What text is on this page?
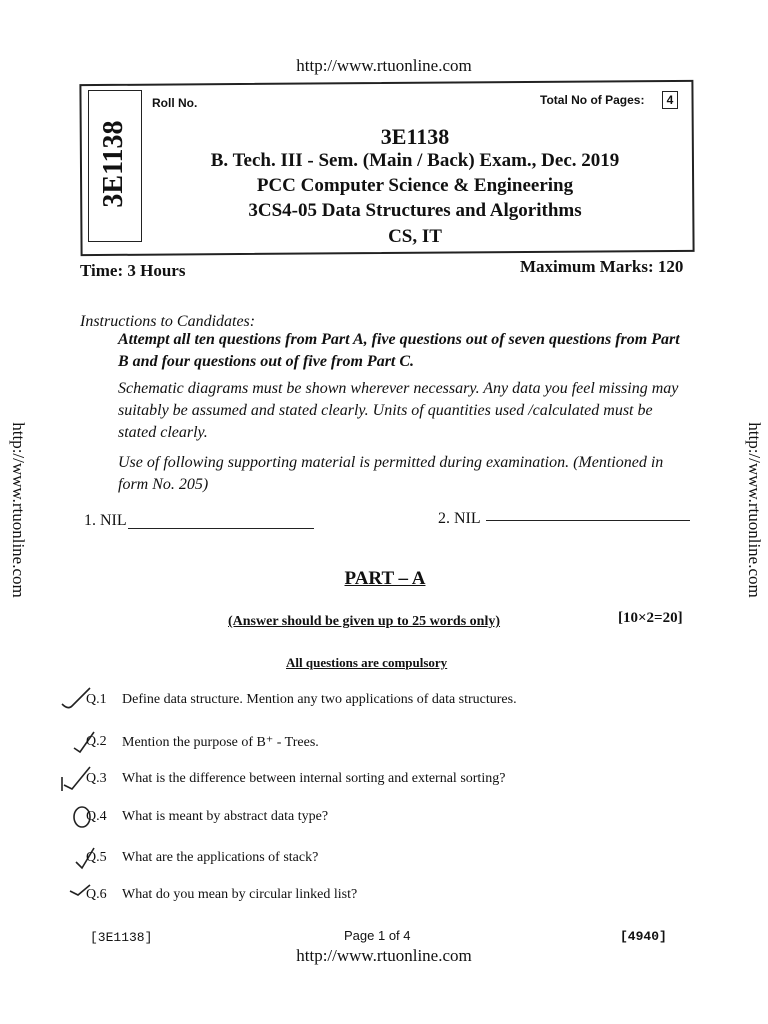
http://www.rtuonline.com
http://www.rtuonline.com	http://www.rtuonline.com
3E1138
Roll No.	Total No of Pages:	4
3E1138
B. Tech. III - Sem. (Main / Back) Exam., Dec. 2019
PCC Computer Science & Engineering
3CS4-05 Data Structures and Algorithms
CS, IT
Time: 3 Hours	Maximum Marks: 120
Instructions to Candidates:
Attempt all ten questions from Part A, five questions out of seven questions from Part B and four questions out of five from Part C.
Schematic diagrams must be shown wherever necessary. Any data you feel missing may suitably be assumed and stated clearly. Units of quantities used /calculated must be stated clearly.
Use of following supporting material is permitted during examination. (Mentioned in form No. 205)
1. NIL	2. NIL
PART – A
(Answer should be given up to 25 words only)	[10×2=20]
All questions are compulsory
Q.1 Define data structure. Mention any two applications of data structures.
Q.2 Mention the purpose of B⁺ - Trees.
Q.3 What is the difference between internal sorting and external sorting?
Q.4 What is meant by abstract data type?
Q.5 What are the applications of stack?
Q.6 What do you mean by circular linked list?
[3E1138]	Page 1 of 4	[4940]
http://www.rtuonline.com
